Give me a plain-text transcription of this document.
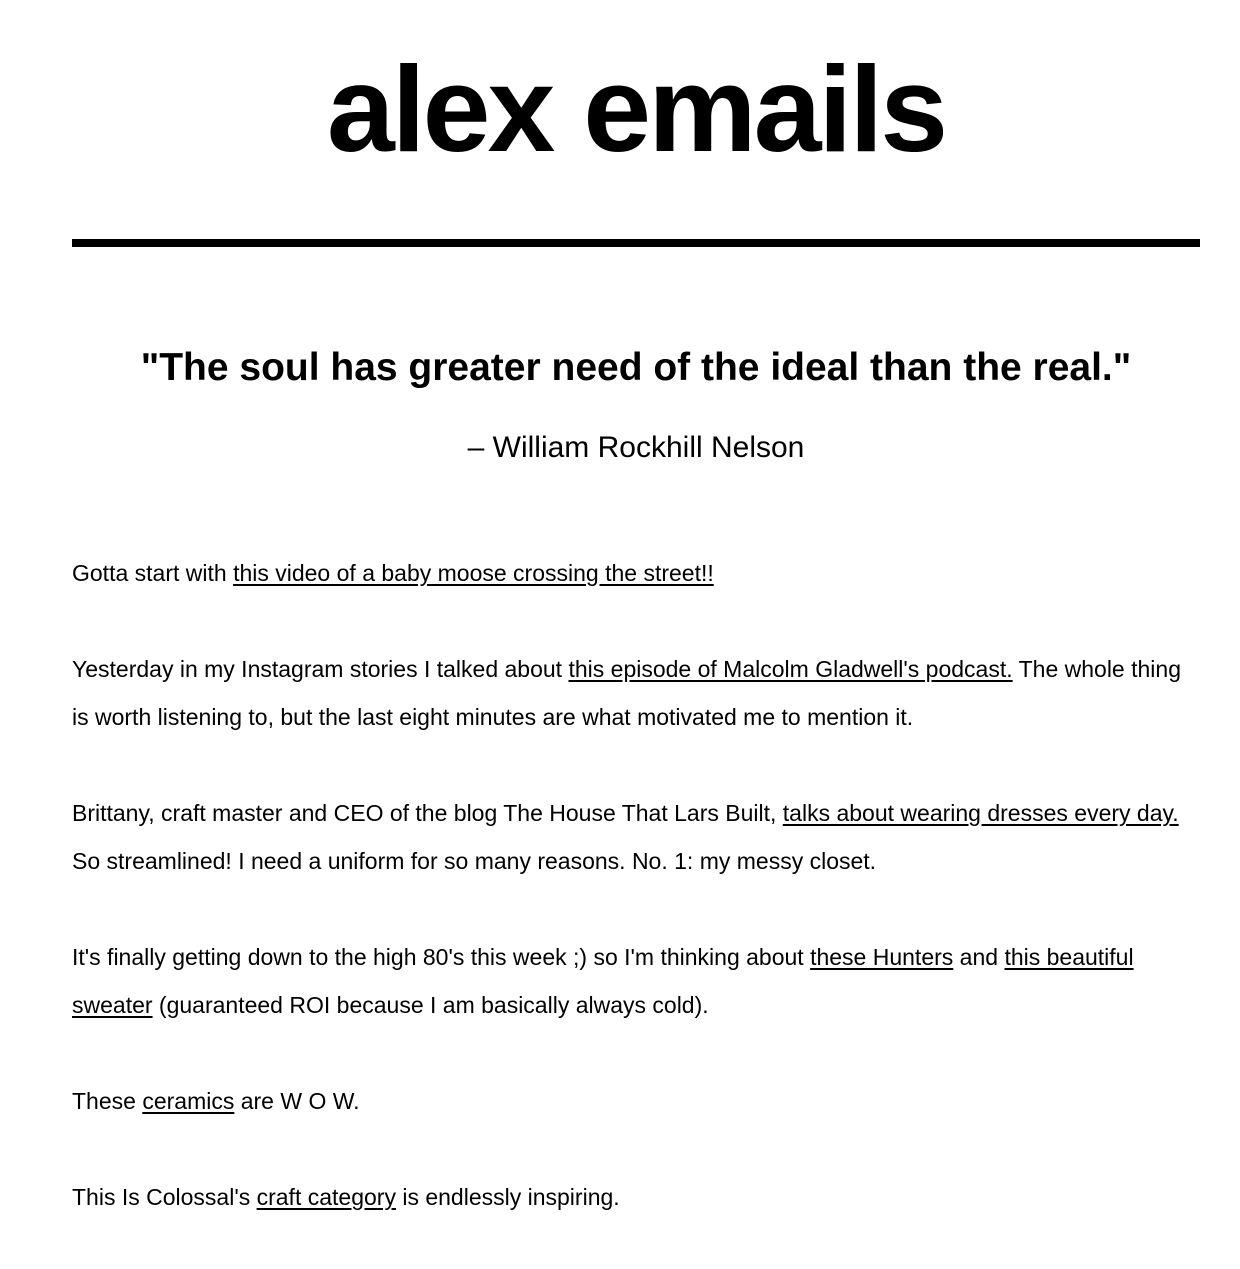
alex emails
"The soul has greater need of the ideal than the real."

– William Rockhill Nelson

Gotta start with this video of a baby moose crossing the street!!

Yesterday in my Instagram stories I talked about this episode of Malcolm Gladwell's podcast. The whole thing is worth listening to, but the last eight minutes are what motivated me to mention it.

Brittany, craft master and CEO of the blog The House That Lars Built, talks about wearing dresses every day. So streamlined! I need a uniform for so many reasons. No. 1: my messy closet.

It's finally getting down to the high 80's this week ;) so I'm thinking about these Hunters and this beautiful sweater (guaranteed ROI because I am basically always cold).

These ceramics are W O W.

This Is Colossal's craft category is endlessly inspiring.
